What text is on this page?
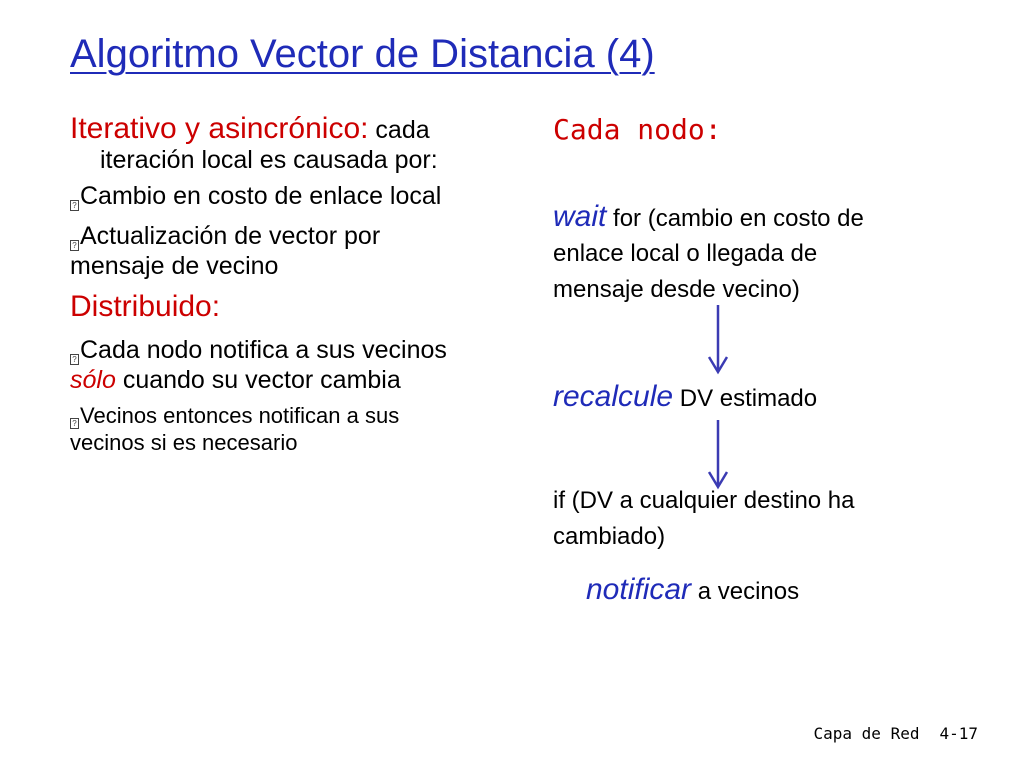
Algoritmo Vector de Distancia (4)
Iterativo y asincrónico: cada
iteración local es causada por:
? Cambio en costo de enlace local
? Actualización de vector por
mensaje de vecino
Distribuido:
? Cada nodo notifica a sus vecinos
sólo cuando su vector cambia
? Vecinos entonces notifican a sus
vecinos si es necesario
Cada nodo:
wait for (cambio en costo de
enlace local o llegada de
mensaje desde vecino)
recalcule DV estimado
if (DV a cualquier destino ha
cambiado)
notificar a vecinos
Capa de Red 4-17
